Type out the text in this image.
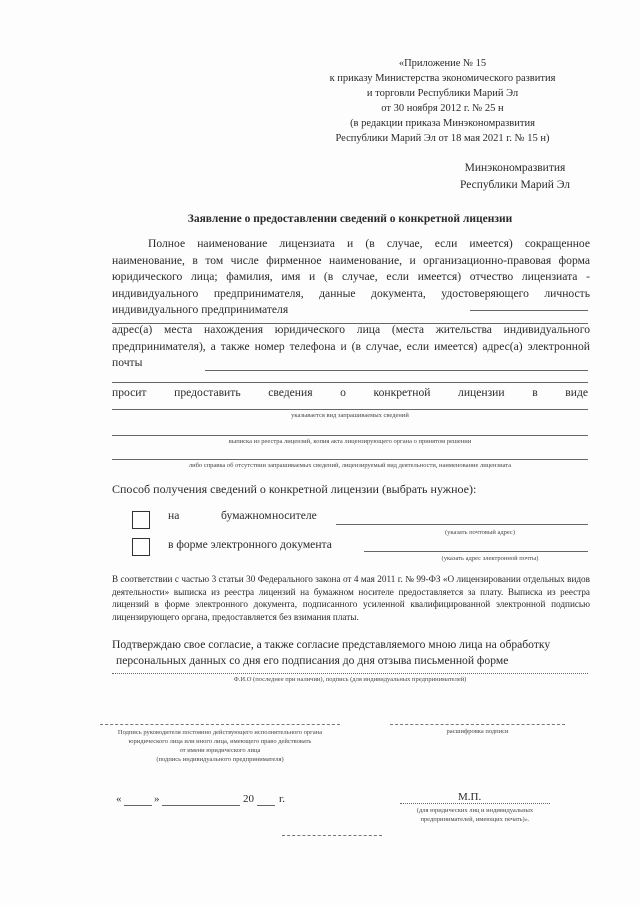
«Приложение № 15
к приказу Министерства экономического развития
и торговли Республики Марий Эл
от 30 ноября 2012 г. № 25 н
(в редакции приказа Минэкономразвития
Республики Марий Эл от 18 мая 2021 г. № 15 н)
Минэкономразвития
Республики Марий Эл
Заявление о предоставлении сведений о конкретной лицензии
Полное наименование лицензиата и (в случае, если имеется) сокращенное наименование, в том числе фирменное наименование, и организационно-правовая форма юридического лица; фамилия, имя и (в случае, если имеется) отчество лицензиата - индивидуального предпринимателя, данные документа, удостоверяющего личность индивидуального предпринимателя
адрес(а) места нахождения юридического лица (места жительства индивидуального предпринимателя), а также номер телефона и (в случае, если имеется) адрес(а) электронной почты
просит предоставить сведения о конкретной лицензии в виде
указывается вид запрашиваемых сведений
выписка из реестра лицензий, копия акта лицензирующего органа о принятом решении
либо справка об отсутствии запрашиваемых сведений, лицензируемый вид деятельности, наименование лицензиата
Способ получения сведений о конкретной лицензии (выбрать нужное):
на	бумажном носителе
(указать почтовый адрес)
в форме электронного документа
(указать адрес электронной почты)
В соответствии с частью 3 статьи 30 Федерального закона от 4 мая 2011 г. № 99-ФЗ «О лицензировании отдельных видов деятельности» выписка из реестра лицензий на бумажном носителе предоставляется за плату. Выписка из реестра лицензий в форме электронного документа, подписанного усиленной квалифицированной электронной подписью лицензирующего органа, предоставляется без взимания платы.
Подтверждаю свое согласие, а также согласие представляемого мною лица на обработку
персональных данных со дня его подписания до дня отзыва письменной форме
Ф.И.О (последнее при наличии), подпись (для индивидуальных предпринимателей)
Подпись руководителя постоянно действующего исполнительного органа
юридического лица или иного лица, имеющего право действовать
от имени юридического лица
(подпись индивидуального предпринимателя)
расшифровка подписи
«	»	20 г.	М.П.
(для юридических лиц и индивидуальных
предпринимателей, имеющих печать)».
